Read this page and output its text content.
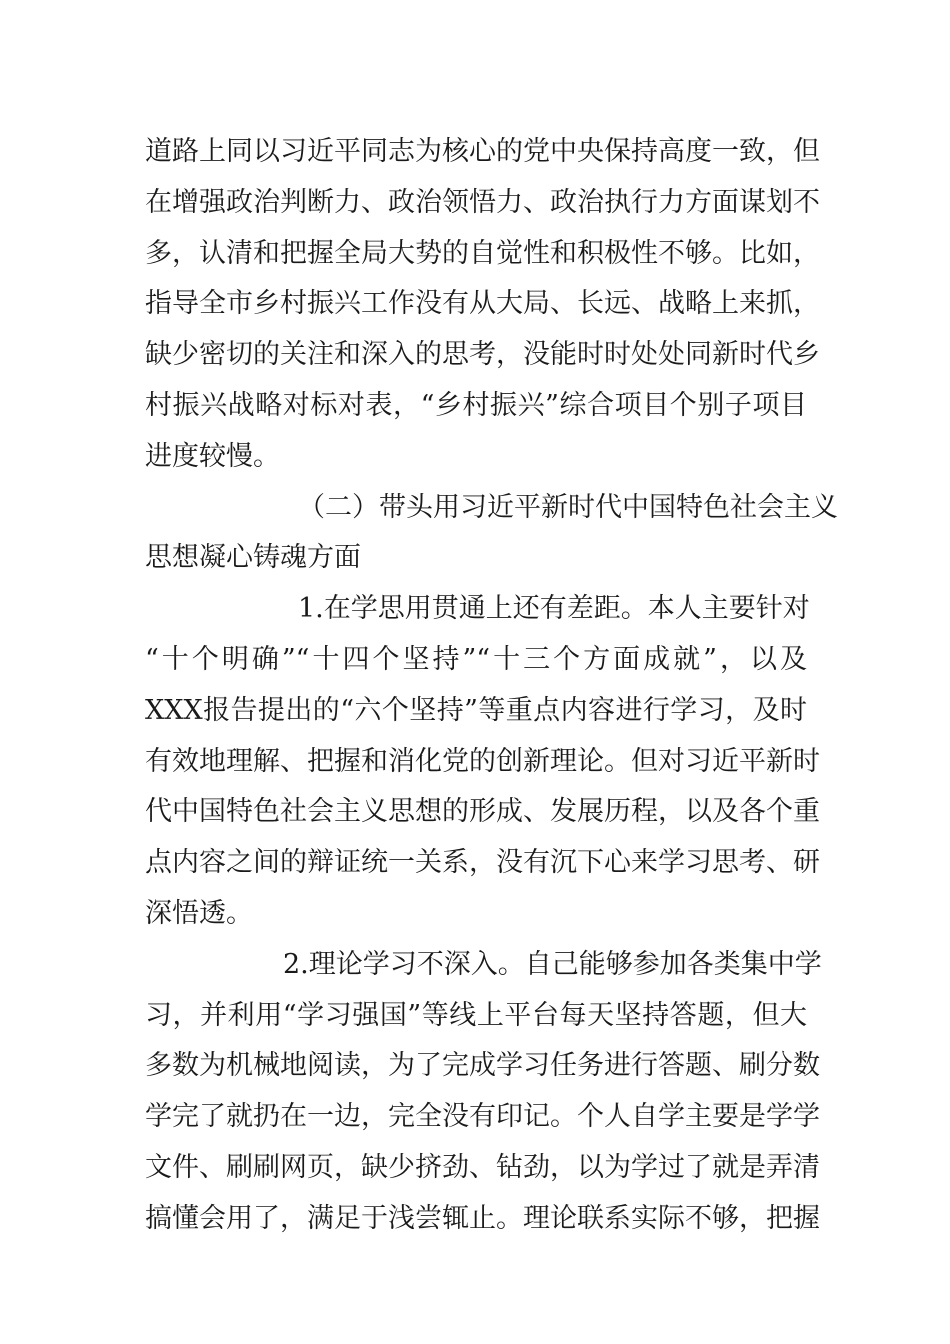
道路上同以习近平同志为核心的党中央保持高度一致，但
在增强政治判断力、政治领悟力、政治执行力方面谋划不
多，认清和把握全局大势的自觉性和积极性不够。比如，
指导全市乡村振兴工作没有从大局、长远、战略上来抓，
缺少密切的关注和深入的思考，没能时时处处同新时代乡
村振兴战略对标对表，“乡村振兴”综合项目个别子项目
进度较慢。
（二）带头用习近平新时代中国特色社会主义
思想凝心铸魂方面
1.在学思用贯通上还有差距。本人主要针对
“十个明确”“十四个坚持”“十三个方面成就”，以及
XXX报告提出的“六个坚持”等重点内容进行学习，及时
有效地理解、把握和消化党的创新理论。但对习近平新时
代中国特色社会主义思想的形成、发展历程，以及各个重
点内容之间的辩证统一关系，没有沉下心来学习思考、研
深悟透。
2.理论学习不深入。自己能够参加各类集中学
习，并利用“学习强国”等线上平台每天坚持答题，但大
多数为机械地阅读，为了完成学习任务进行答题、刷分数
学完了就扔在一边，完全没有印记。个人自学主要是学学
文件、刷刷网页，缺少挤劲、钻劲，以为学过了就是弄清
搞懂会用了，满足于浅尝辄止。理论联系实际不够，把握
